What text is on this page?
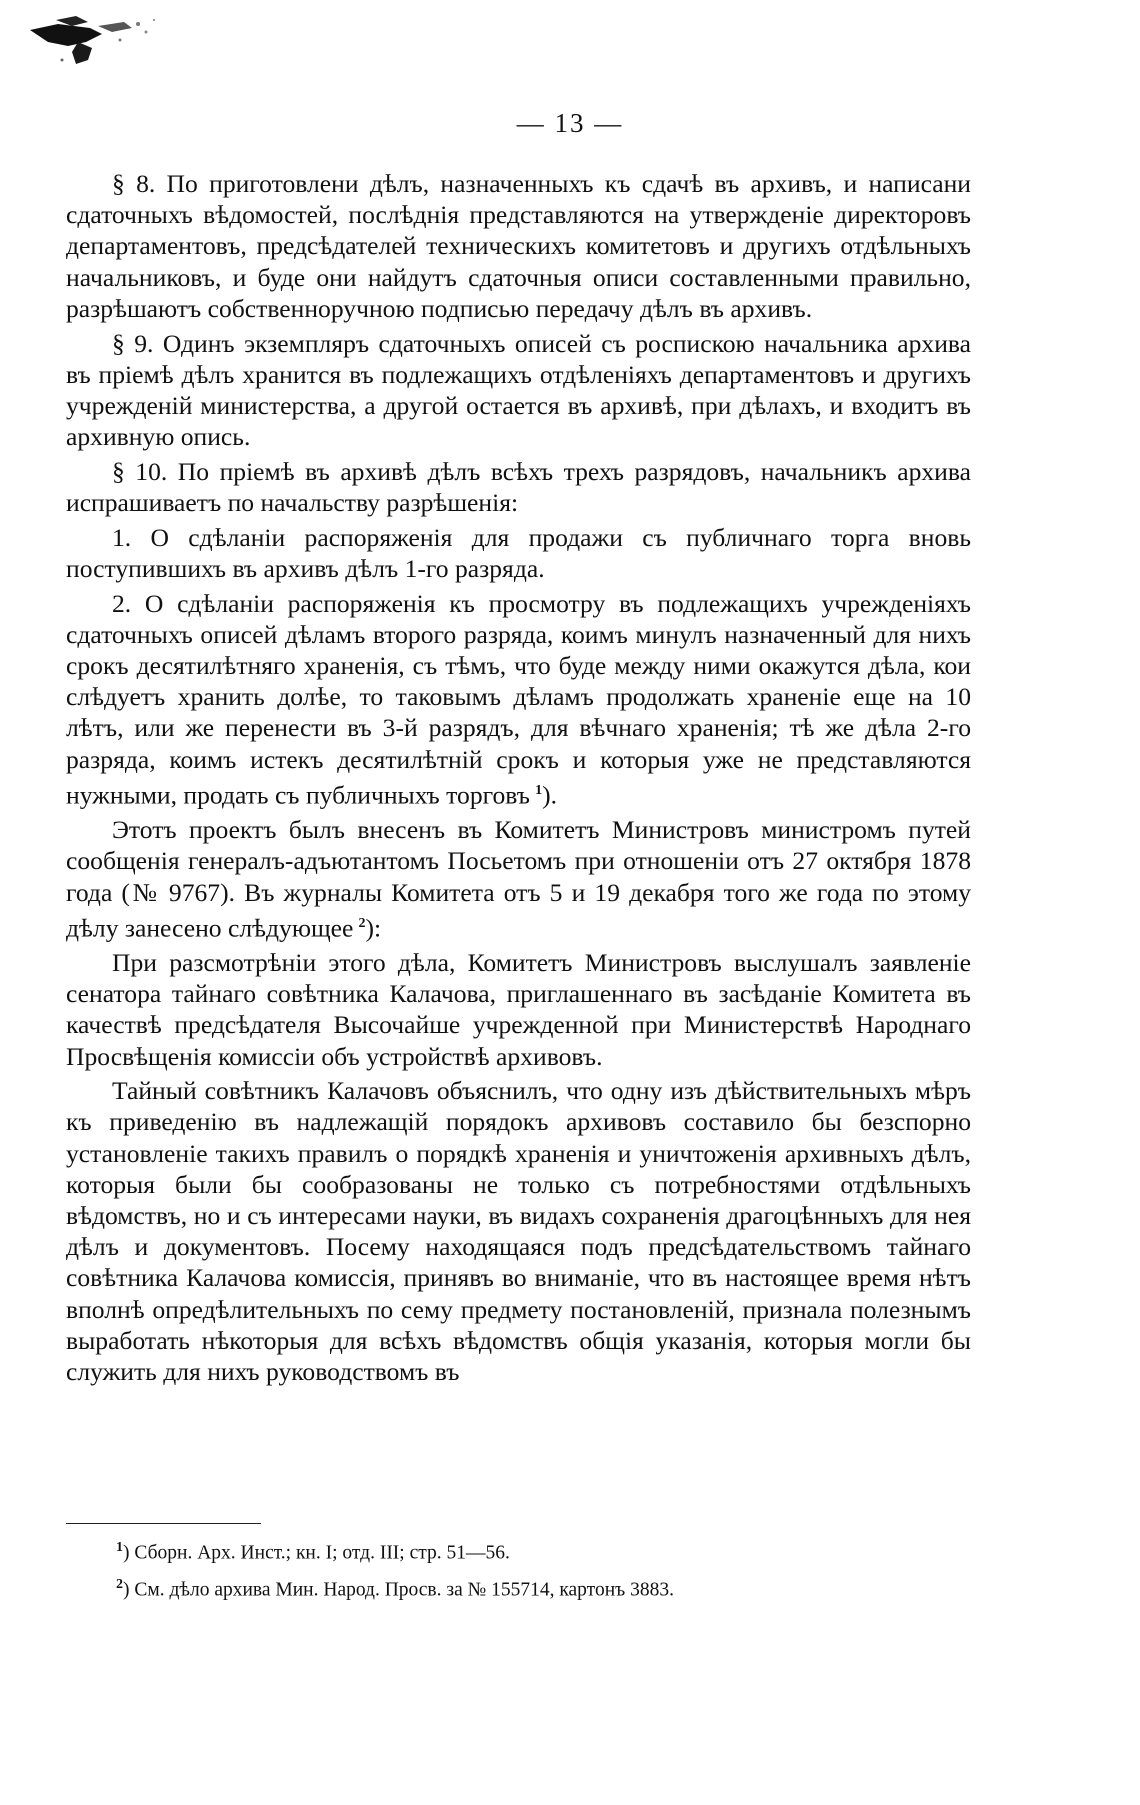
— 13 —

§ 8. По приготовлени дѣлъ, назначенныхъ къ сдачѣ въ архивъ, и написани сдаточныхъ вѣдомостей, послѣднія представляются на утвержденіе директоровъ департаментовъ, предсѣдателей техническихъ комитетовъ и другихъ отдѣльныхъ начальниковъ, и буде они найдутъ сдаточныя описи составленными правильно, разрѣшаютъ собственноручною подписью передачу дѣлъ въ архивъ.

§ 9. Одинъ экземпляръ сдаточныхъ описей съ роспискою начальника архива въ пріемѣ дѣлъ хранится въ подлежащихъ отдѣленіяхъ департаментовъ и другихъ учрежденій министерства, а другой остается въ архивѣ, при дѣлахъ, и входитъ въ архивную опись.

§ 10. По пріемѣ въ архивѣ дѣлъ всѣхъ трехъ разрядовъ, начальникъ архива испрашиваетъ по начальству разрѣшенія:

1. О сдѣланіи распоряженія для продажи съ публичнаго торга вновь поступившихъ въ архивъ дѣлъ 1-го разряда.

2. О сдѣланіи распоряженія къ просмотру въ подлежащихъ учрежденіяхъ сдаточныхъ описей дѣламъ второго разряда, коимъ минулъ назначенный для нихъ срокъ десятилѣтняго храненія, съ тѣмъ, что буде между ними окажутся дѣла, кои слѣдуетъ хранить долѣе, то таковымъ дѣламъ продолжать храненіе еще на 10 лѣтъ, или же перенести въ 3-й разрядъ, для вѣчнаго храненія; тѣ же дѣла 2-го разряда, коимъ истекъ десятилѣтній срокъ и которыя уже не представляются нужными, продать съ публичныхъ торговъ  $^1$).

Этотъ проектъ былъ внесенъ въ Комитетъ Министровъ министромъ путей сообщенія генералъ-адъютантомъ Посьетомъ при отношеніи отъ 27 октября 1878 года (№ 9767). Въ журналы Комитета отъ 5 и 19 декабря того же года по этому дѣлу занесено слѣдующее  $^2$):

При разсмотрѣніи этого дѣла, Комитетъ Министровъ выслушалъ заявленіе сенатора тайнаго совѣтника Калачова, приглашеннаго въ засѣданіе Комитета въ качествѣ предсѣдателя Высочайше учрежденной при Министерствѣ Народнаго Просвѣщенія комиссіи объ устройствѣ архивовъ.

Тайный совѣтникъ Калачовъ объяснилъ, что одну изъ дѣйствительныхъ мѣръ къ приведенію въ надлежащій порядокъ архивовъ составило бы безспорно установленіе такихъ правилъ о порядкѣ храненія и уничтоженія архивныхъ дѣлъ, которыя были бы сообразованы не только съ потребностями отдѣльныхъ вѣдомствъ, но и съ интересами науки, въ видахъ сохраненія драгоцѣнныхъ для нея дѣлъ и документовъ. Посему находящаяся подъ предсѣдательствомъ тайнаго совѣтника Калачова комиссія, принявъ во вниманіе, что въ настоящее время нѣтъ вполнѣ опредѣлительныхъ по сему предмету постановленій, признала полезнымъ выработать нѣкоторыя для всѣхъ вѣдомствъ общія указанія, которыя могли бы служить для нихъ руководствомъ въ

$^1$) Сборн. Арх. Инст.; кн. I; отд. III; стр. 51—56.
$^2$) См. дѣло архива Мин. Народ. Просв. за № 155714, картонъ 3883.
